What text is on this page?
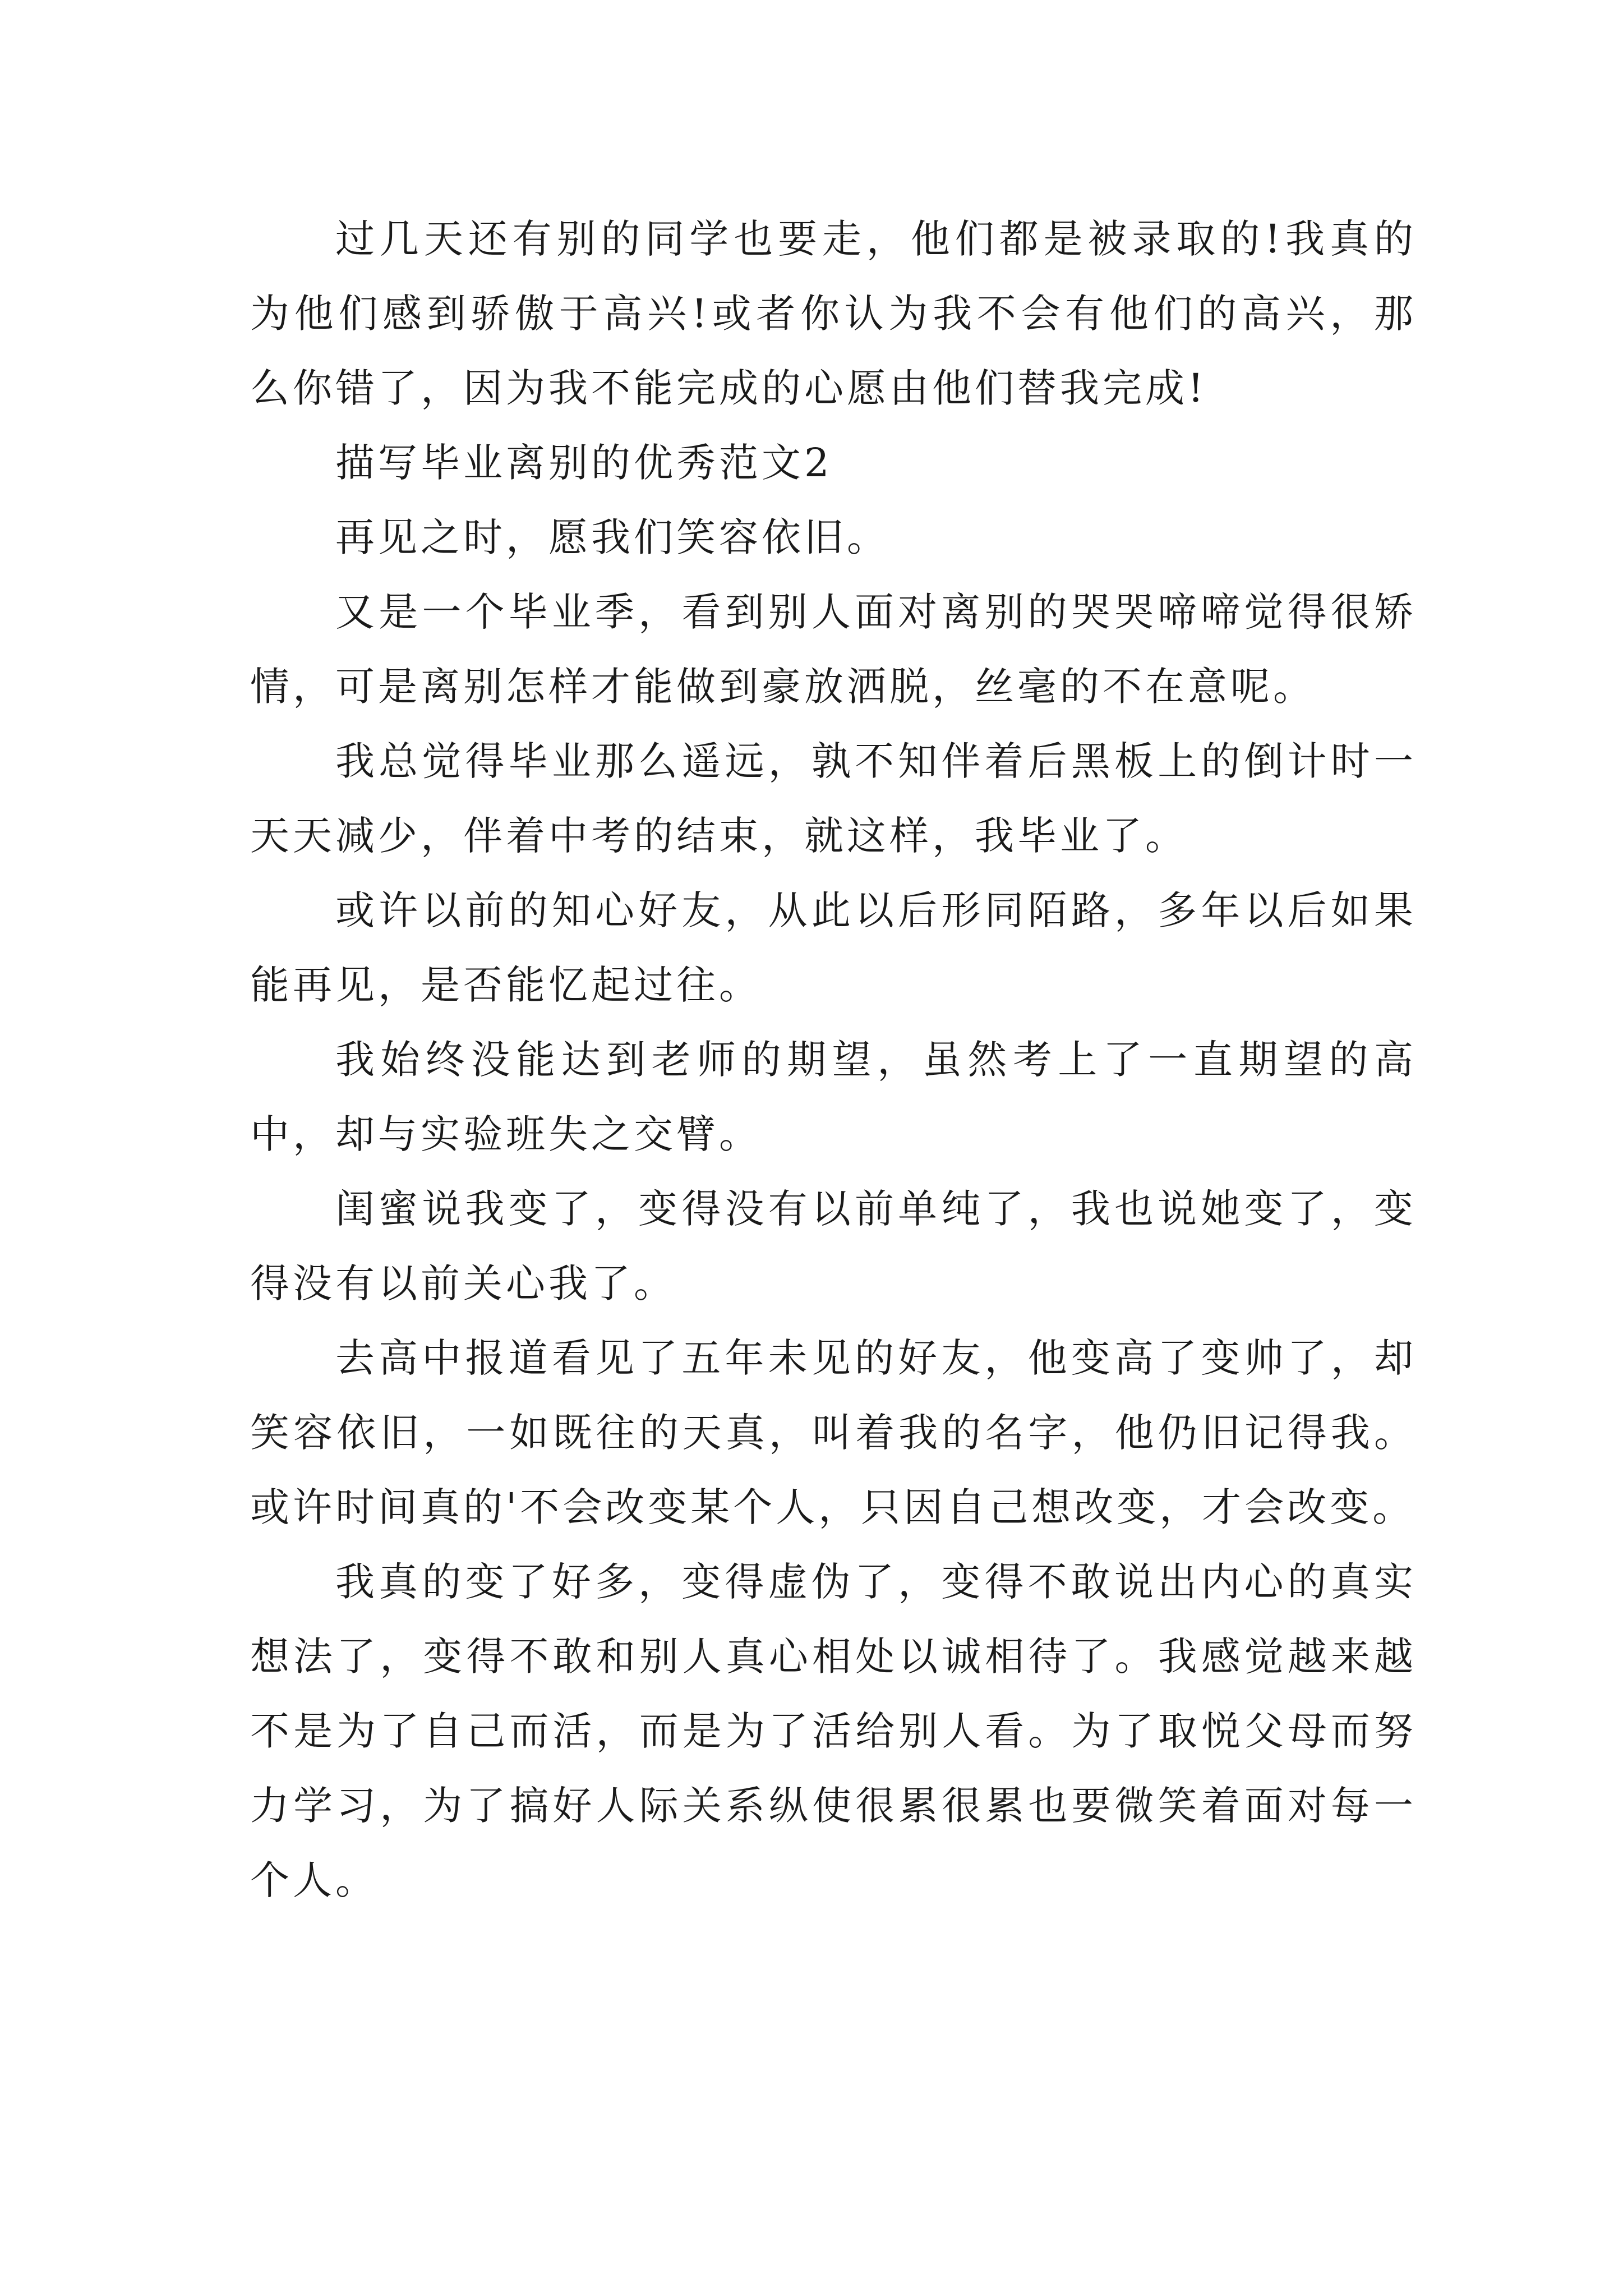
过几天还有别的同学也要走，他们都是被录取的!我真的为他们感到骄傲于高兴!或者你认为我不会有他们的高兴，那么你错了，因为我不能完成的心愿由他们替我完成!

描写毕业离别的优秀范文2

再见之时，愿我们笑容依旧。

又是一个毕业季，看到别人面对离别的哭哭啼啼觉得很矫情，可是离别怎样才能做到豪放洒脱，丝毫的不在意呢。

我总觉得毕业那么遥远，孰不知伴着后黑板上的倒计时一天天减少，伴着中考的结束，就这样，我毕业了。

或许以前的知心好友，从此以后形同陌路，多年以后如果能再见，是否能忆起过往。

我始终没能达到老师的期望，虽然考上了一直期望的高中，却与实验班失之交臂。

闺蜜说我变了，变得没有以前单纯了，我也说她变了，变得没有以前关心我了。

去高中报道看见了五年未见的好友，他变高了变帅了，却笑容依旧，一如既往的天真，叫着我的名字，他仍旧记得我。或许时间真的'不会改变某个人，只因自己想改变，才会改变。

我真的变了好多，变得虚伪了，变得不敢说出内心的真实想法了，变得不敢和别人真心相处以诚相待了。我感觉越来越不是为了自己而活，而是为了活给别人看。为了取悦父母而努力学习，为了搞好人际关系纵使很累很累也要微笑着面对每一个人。
